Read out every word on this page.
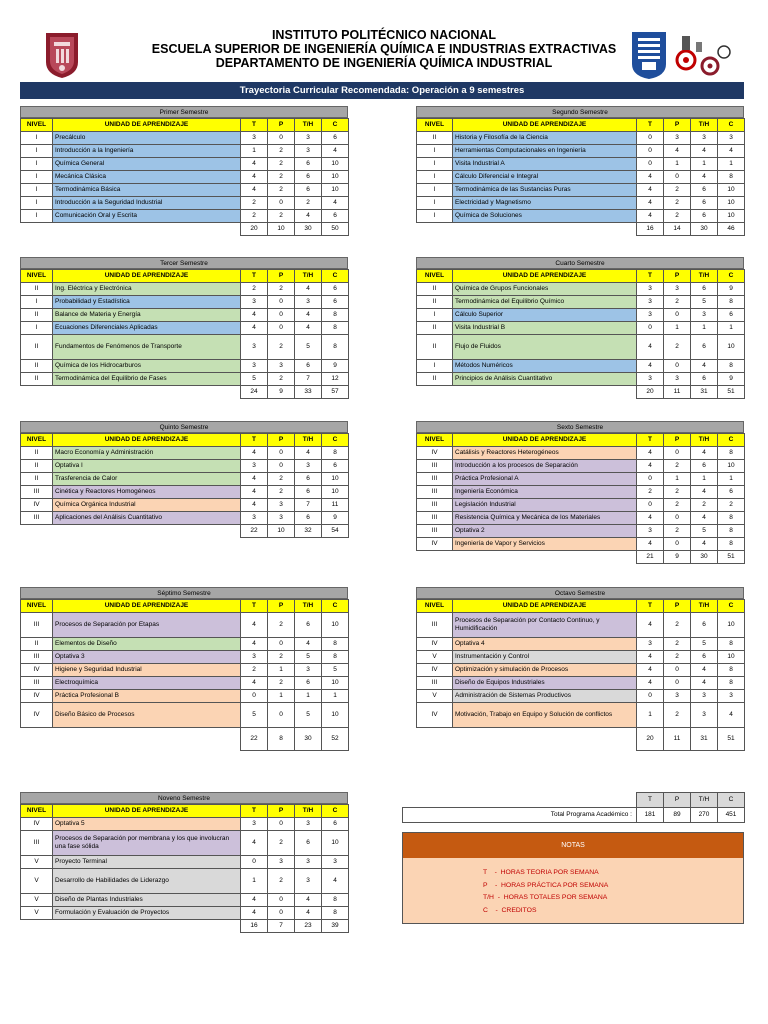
INSTITUTO POLITÉCNICO NACIONAL
ESCUELA SUPERIOR DE INGENIERÍA QUÍMICA E INDUSTRIAS EXTRACTIVAS
DEPARTAMENTO DE INGENIERÍA QUÍMICA INDUSTRIAL
Trayectoria Curricular Recomendada: Operación a 9 semestres
Primer Semestre
NIVEL	UNIDAD DE APRENDIZAJE	T	P	T/H	C
I	Precálculo	3	0	3	6
I	Introducción a la Ingeniería	1	2	3	4
I	Química General	4	2	6	10
I	Mecánica Clásica	4	2	6	10
I	Termodinámica Básica	4	2	6	10
I	Introducción a la Seguridad Industrial	2	0	2	4
I	Comunicación Oral y Escrita	2	2	4	6
		20	10	30	50
Segundo Semestre
NIVEL	UNIDAD DE APRENDIZAJE	T	P	T/H	C
II	Historia y Filosofía de la Ciencia	0	3	3	3
I	Herramientas Computacionales en Ingeniería	0	4	4	4
I	Visita Industrial A	0	1	1	1
I	Cálculo Diferencial e Integral	4	0	4	8
I	Termodinámica de las Sustancias Puras	4	2	6	10
I	Electricidad y Magnetismo	4	2	6	10
I	Química de Soluciones	4	2	6	10
		16	14	30	46
Tercer Semestre
NIVEL	UNIDAD DE APRENDIZAJE	T	P	T/H	C
II	Ing. Eléctrica y Electrónica	2	2	4	6
I	Probabilidad y Estadística	3	0	3	6
II	Balance de Materia y Energía	4	0	4	8
I	Ecuaciones Diferenciales Aplicadas	4	0	4	8
II	Fundamentos de Fenómenos de Transporte	3	2	5	8
II	Química de los Hidrocarburos	3	3	6	9
II	Termodinámica del Equilibrio de Fases	5	2	7	12
		24	9	33	57
Cuarto Semestre
NIVEL	UNIDAD DE APRENDIZAJE	T	P	T/H	C
II	Química de Grupos Funcionales	3	3	6	9
II	Termodinámica del Equilibrio Químico	3	2	5	8
I	Cálculo Superior	3	0	3	6
II	Visita Industrial B	0	1	1	1
II	Flujo de Fluidos	4	2	6	10
I	Métodos Numéricos	4	0	4	8
II	Principios de Análisis Cuantitativo	3	3	6	9
		20	11	31	51
Quinto Semestre
NIVEL	UNIDAD DE APRENDIZAJE	T	P	T/H	C
II	Macro Economía y Administración	4	0	4	8
II	Optativa I	3	0	3	6
II	Trasferencia de Calor	4	2	6	10
III	Cinética y Reactores Homogéneos	4	2	6	10
IV	Química Orgánica Industrial	4	3	7	11
III	Aplicaciones del Análisis Cuantitativo	3	3	6	9
		22	10	32	54
Sexto Semestre
NIVEL	UNIDAD DE APRENDIZAJE	T	P	T/H	C
IV	Catálisis y Reactores Heterogéneos	4	0	4	8
III	Introducción a los procesos de Separación	4	2	6	10
III	Práctica Profesional A	0	1	1	1
III	Ingeniería Económica	2	2	4	6
III	Legislación Industrial	0	2	2	2
III	Resistencia Química y Mecánica de los Materiales	4	0	4	8
III	Optativa 2	3	2	5	8
IV	Ingeniería de Vapor y Servicios	4	0	4	8
		21	9	30	51
Séptimo Semestre
NIVEL	UNIDAD DE APRENDIZAJE	T	P	T/H	C
III	Procesos de Separación por Etapas	4	2	6	10
II	Elementos de Diseño	4	0	4	8
III	Optativa 3	3	2	5	8
IV	Higiene y Seguridad Industrial	2	1	3	5
III	Electroquímica	4	2	6	10
IV	Práctica Profesional B	0	1	1	1
IV	Diseño Básico de Procesos	5	0	5	10
		22	8	30	52
Octavo Semestre
NIVEL	UNIDAD DE APRENDIZAJE	T	P	T/H	C
III	Procesos de Separación por Contacto Continuo, y Humidificación	4	2	6	10
IV	Optativa 4	3	2	5	8
V	Instrumentación y Control	4	2	6	10
IV	Optimización y simulación de Procesos	4	0	4	8
III	Diseño de Equipos Industriales	4	0	4	8
V	Administración de Sistemas Productivos	0	3	3	3
IV	Motivación, Trabajo en Equipo y Solución de conflictos	1	2	3	4
		20	11	31	51
Noveno Semestre
NIVEL	UNIDAD DE APRENDIZAJE	T	P	T/H	C
IV	Optativa 5	3	0	3	6
III	Procesos de Separación por membrana y los que involucran una fase sólida	4	2	6	10
V	Proyecto Terminal	0	3	3	3
V	Desarrollo de Habilidades de Liderazgo	1	2	3	4
V	Diseño de Plantas Industriales	4	0	4	8
V	Formulación y Evaluación de Proyectos	4	0	4	8
		16	7	23	39
	T	P	T/H	C
Total Programa Académico :	181	89	270	451
NOTAS
T    -  HORAS TEORIA POR SEMANA
P    -  HORAS PRÁCTICA POR SEMANA
T/H  -  HORAS TOTALES POR SEMANA
C    -  CREDITOS
